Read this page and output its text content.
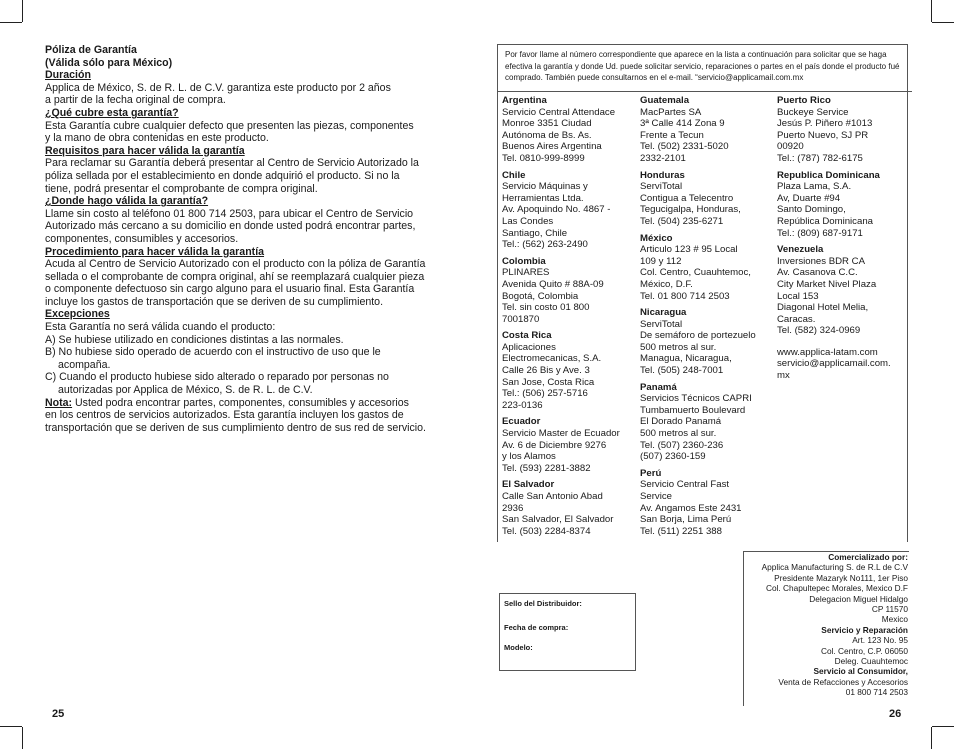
Póliza de Garantía
(Válida sólo para México)
Duración

Applica de México, S. de R. L. de C.V. garantiza este producto por 2 años

a partir de la fecha original de compra.

¿Qué cubre esta garantía?

Esta Garantía cubre cualquier defecto que presenten las piezas, componentes

y la mano de obra contenidas en este producto.

Requisitos para hacer válida la garantía

Para reclamar su Garantía deberá presentar al Centro de Servicio Autorizado la

póliza sellada por el establecimiento en donde adquirió el producto. Si no la

tiene, podrá presentar el comprobante de compra original.

¿Donde hago válida la garantía?

Llame sin costo al teléfono 01 800 714 2503, para ubicar el Centro de Servicio

Autorizado más cercano a su domicilio en donde usted podrá encontrar partes,

componentes, consumibles y accesorios.

Procedimiento para hacer válida la garantía

Acuda al Centro de Servicio Autorizado con el producto con la póliza de Garantía

sellada o el comprobante de compra original, ahí se reemplazará cualquier pieza

o componente defectuoso sin cargo alguno para el usuario final. Esta Garantía

incluye los gastos de transportación que se deriven de su cumplimiento.

Excepciones

Esta Garantía no será válida cuando el producto:

A) Se hubiese utilizado en condiciones distintas a las normales.

B) No hubiese sido operado de acuerdo con el instructivo de uso que le acompaña.

C) Cuando el producto hubiese sido alterado o reparado por personas no autorizadas por Applica de México, S. de R. L. de C.V.

Nota: Usted podra encontrar partes, componentes, consumibles y accesorios

en los centros de servicios autorizados. Esta garantía incluyen los gastos de

transportación que se deriven de sus cumplimiento dentro de sus red de servicio.

25
Por favor llame al número correspondiente que aparece en la lista a continuación para solicitar que se haga efectiva la garantía y donde Ud. puede solicitar servicio, reparaciones o partes en el país donde el producto fué comprado. También puede consultarnos en el e-mail. “servicio@applicamail.com.mx
Argentina
Servicio Central Attendace
Monroe 3351 Ciudad
Autónoma de Bs. As.
Buenos Aires Argentina
Tel. 0810-999-8999
Chile
Servicio Máquinas y
Herramientas Ltda.
Av. Apoquindo No. 4867 -
Las Condes
Santiago, Chile
Tel.: (562) 263-2490
Colombia
PLINARES
Avenida Quito # 88A-09
Bogotá, Colombia
Tel. sin costo 01 800
7001870
Costa Rica
Aplicaciones
Electromecanicas, S.A.
Calle 26 Bis y Ave. 3
San Jose, Costa Rica
Tel.: (506) 257-5716
223-0136
Ecuador
Servicio Master de Ecuador
Av. 6 de Diciembre 9276
y los Alamos
Tel. (593) 2281-3882
El Salvador
Calle San Antonio Abad
2936
San Salvador, El Salvador
Tel. (503) 2284-8374
Guatemala
MacPartes SA
3ª Calle 414 Zona 9
Frente a Tecun
Tel. (502) 2331-5020
2332-2101
Honduras
ServiTotal
Contigua a Telecentro
Tegucigalpa, Honduras,
Tel. (504) 235-6271
México
Articulo 123 # 95 Local
109 y 112
Col. Centro, Cuauhtemoc,
México, D.F.
Tel. 01 800 714 2503
Nicaragua
ServiTotal
De semáforo de portezuelo
500 metros al sur.
Managua, Nicaragua,
Tel. (505) 248-7001
Panamá
Servicios Técnicos CAPRI
Tumbamuerto Boulevard
El Dorado Panamá
500 metros al sur.
Tel. (507) 2360-236
(507) 2360-159
Perú
Servicio Central Fast
Service
Av. Angamos Este 2431
San Borja, Lima Perú
Tel. (511) 2251 388
Puerto Rico
Buckeye Service
Jesús P. Piñero #1013
Puerto Nuevo, SJ PR
00920
Tel.: (787) 782-6175
Republica Dominicana
Plaza Lama, S.A.
Av, Duarte #94
Santo Domingo,
República Dominicana
Tel.: (809) 687-9171
Venezuela
Inversiones BDR CA
Av. Casanova C.C.
City Market Nivel Plaza
Local 153
Diagonal Hotel Melia,
Caracas.
Tel. (582) 324-0969
www.applica-latam.com
servicio@applicamail.com.
mx
Sello del Distribuidor:
Fecha de compra:
Modelo:
Comercializado por:
Applica Manufacturing S. de R.L de C.V
Presidente Mazaryk No111, 1er Piso
Col. Chapultepec Morales, Mexico D.F
Delegacion Miguel Hidalgo
CP 11570
Mexico
Servicio y Reparación
Art. 123 No. 95
Col. Centro, C.P. 06050
Deleg. Cuauhtemoc
Servicio al Consumidor,
Venta de Refacciones y Accesorios
01 800 714 2503
26
